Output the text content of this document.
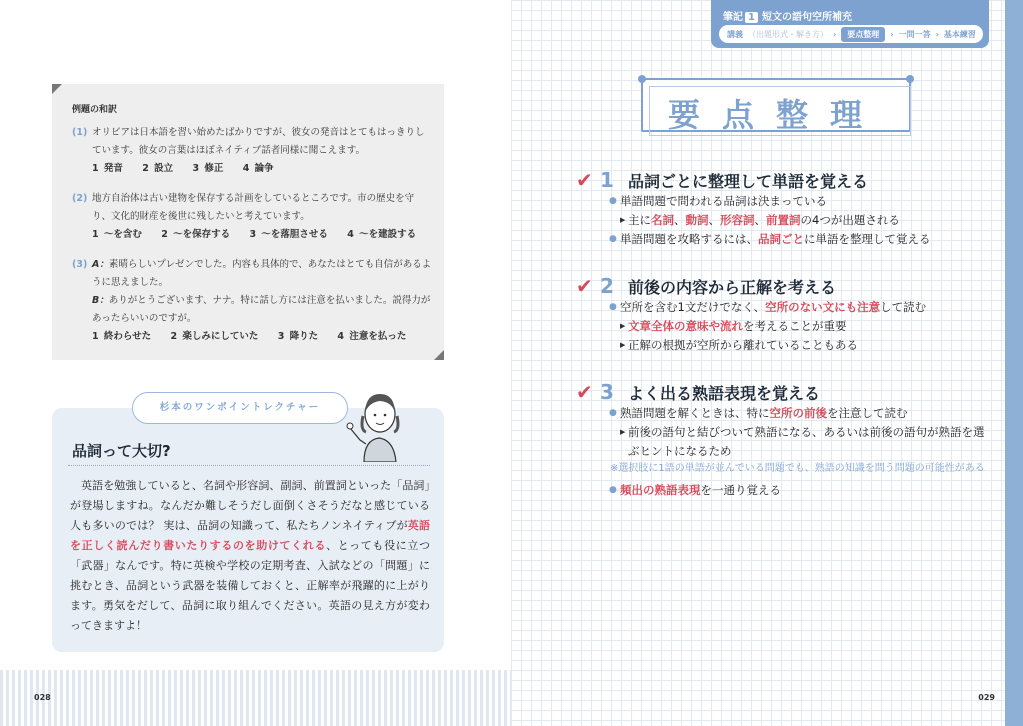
例題の和訳
(1) オリビアは日本語を習い始めたばかりですが、彼女の発音はとてもはっきりしています。彼女の言葉はほぼネイティブ話者同様に聞こえます。
1 発音 2 設立 3 修正 4 論争
(2) 地方自治体は古い建物を保存する計画をしているところです。市の歴史を守り、文化的財産を後世に残したいと考えています。
1 〜を含む 2 〜を保存する 3 〜を落胆させる 4 〜を建設する
(3) A：素晴らしいプレゼンでした。内容も具体的で、あなたはとても自信があるように思えました。
B：ありがとうございます、ナナ。特に話し方には注意を払いました。説得力があったらいいのですが。
1 終わらせた 2 楽しみにしていた 3 降りた 4 注意を払った
杉本のワンポイントレクチャー
品詞って大切?
 英語を勉強していると、名詞や形容詞、副詞、前置詞といった「品詞」が登場しますね。なんだか難しそうだし面倒くさそうだなと感じている人も多いのでは？ 実は、品詞の知識って、私たちノンネイティブが英語を正しく読んだり書いたりするのを助けてくれる、とっても役に立つ「武器」なんです。特に英検や学校の定期考査、入試などの「問題」に挑むとき、品詞という武器を装備しておくと、正解率が飛躍的に上がります。勇気をだして、品詞に取り組んでください。英語の見え方が変わってきますよ！
028
筆記 1 短文の語句空所補充
講義 （出題形式・解き方） ›	要点整理	› 一問一答 › 基本練習
要点整理
✔ 1 品詞ごとに整理して単語を覚える
● 単語問題で問われる品詞は決まっている
▶ 主に名詞、動詞、形容詞、前置詞の4つが出題される
● 単語問題を攻略するには、品詞ごとに単語を整理して覚える
✔ 2 前後の内容から正解を考える
● 空所を含む1文だけでなく、空所のない文にも注意して読む
▶ 文章全体の意味や流れを考えることが重要
▶ 正解の根拠が空所から離れていることもある
✔ 3 よく出る熟語表現を覚える
● 熟語問題を解くときは、特に空所の前後を注意して読む
▶ 前後の語句と結びついて熟語になる、あるいは前後の語句が熟語を選ぶヒントになるため
※選択肢に1語の単語が並んでいる問題でも、熟語の知識を問う問題の可能性がある
● 頻出の熟語表現を一通り覚える
029
